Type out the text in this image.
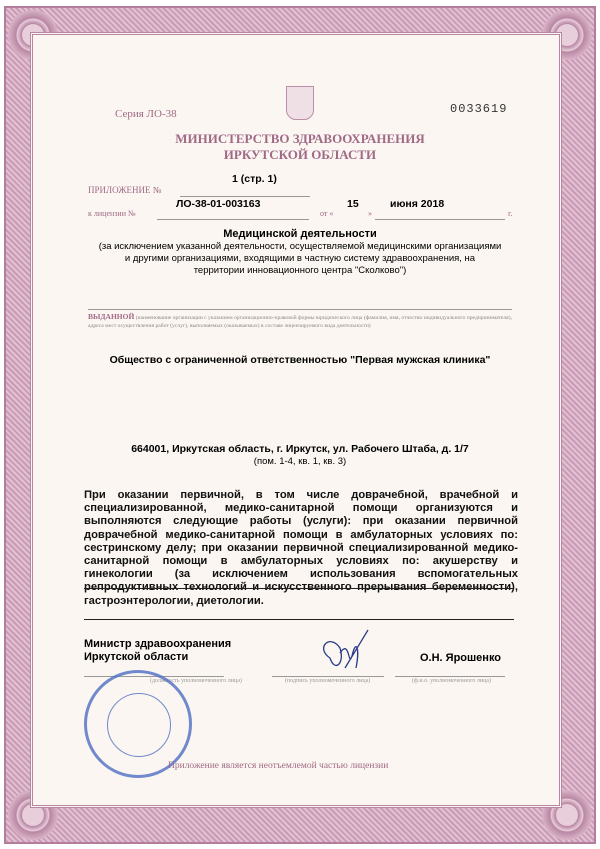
Серия ЛО-38	0033619
МИНИСТЕРСТВО ЗДРАВООХРАНЕНИЯ
ИРКУТСКОЙ ОБЛАСТИ
ПРИЛОЖЕНИЕ №
1 (стр. 1)
к лицензии №
ЛО-38-01-003163
от «
15
»
июня 2018
г.
Медицинской деятельности
(за исключением указанной деятельности, осуществляемой медицинскими организациями
и другими организациями, входящими в частную систему здравоохранения, на
территории инновационного центра "Сколково")
ВЫДАННОЙ (наименование организации с указанием организационно-правовой формы юридического лица (фамилия, имя, отчество индивидуального предпринимателя), адреса мест осуществления работ (услуг), выполняемых (оказываемых) в составе лицензируемого вида деятельности)
Общество с ограниченной ответственностью "Первая мужская клиника"
664001, Иркутская область, г. Иркутск, ул. Рабочего Штаба, д. 1/7
(пом. 1-4, кв. 1, кв. 3)
При оказании первичной, в том числе доврачебной, врачебной и специализированной, медико-санитарной помощи организуются и выполняются следующие работы (услуги): при оказании первичной доврачебной медико-санитарной помощи в амбулаторных условиях по: сестринскому делу; при оказании первичной специализированной медико-санитарной помощи в амбулаторных условиях по: акушерству и гинекологии (за исключением использования вспомогательных репродуктивных технологий и искусственного прерывания беременности), гастроэнтерологии, диетологии.
Министр здравоохранения
Иркутской области	О.Н. Ярошенко
(должность уполномоченного лица)	(подпись уполномоченного лица)	(ф.и.о. уполномоченного лица)
Приложение является неотъемлемой частью лицензии
